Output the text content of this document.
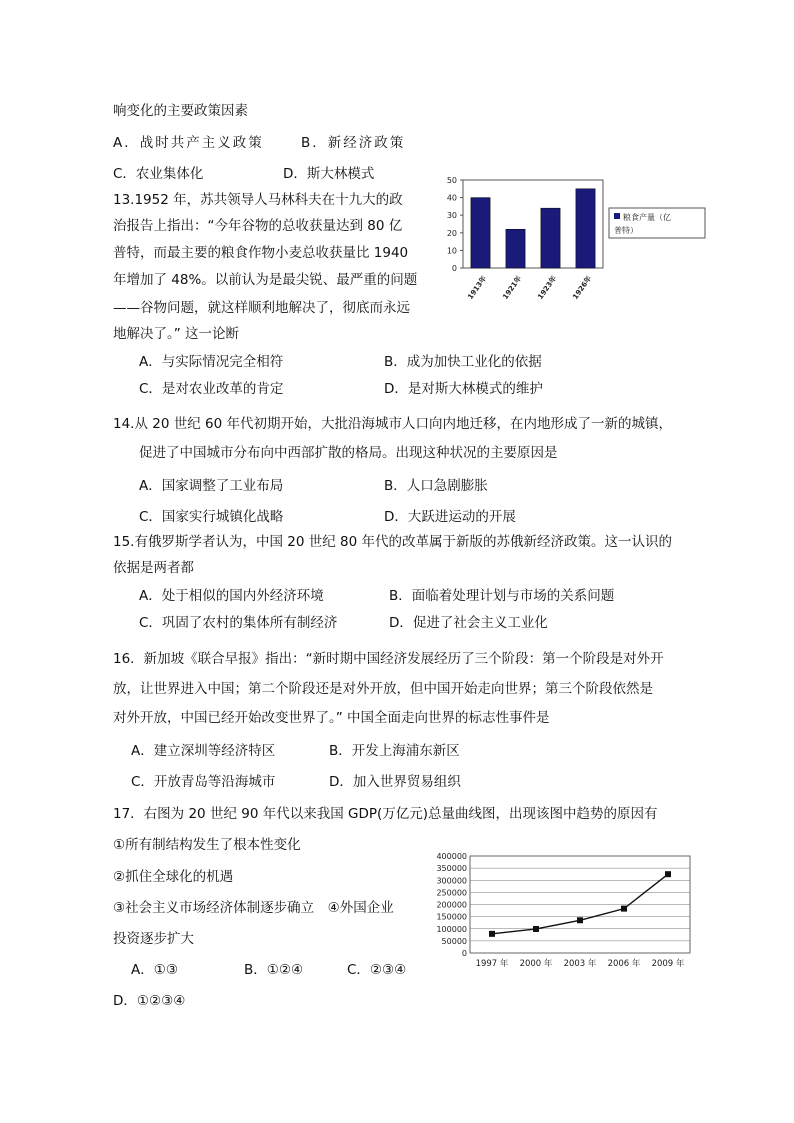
响变化的主要政策因素
A．战时共产主义政策	B．新经济政策
C．农业集体化	D．斯大林模式
13.1952 年，苏共领导人马林科夫在十九大的政
治报告上指出：“今年谷物的总收获量达到 80 亿
普特，而最主要的粮食作物小麦总收获量比 1940
年增加了 48%。以前认为是最尖锐、最严重的问题
——谷物问题，就这样顺利地解决了，彻底而永远
地解决了。” 这一论断
A．与实际情况完全相符	B．成为加快工业化的依据
C．是对农业改革的肯定	D．是对斯大林模式的维护
14.从 20 世纪 60 年代初期开始，大批沿海城市人口向内地迁移，在内地形成了一新的城镇，
促进了中国城市分布向中西部扩散的格局。出现这种状况的主要原因是
A．国家调整了工业布局	B．人口急剧膨胀
C．国家实行城镇化战略	D．大跃进运动的开展
15.有俄罗斯学者认为，中国 20 世纪 80 年代的改革属于新版的苏俄新经济政策。这一认识的
依据是两者都
A．处于相似的国内外经济环境	B．面临着处理计划与市场的关系问题
C．巩固了农村的集体所有制经济	D．促进了社会主义工业化
16．新加坡《联合早报》指出：“新时期中国经济发展经历了三个阶段：第一个阶段是对外开
放，让世界进入中国；第二个阶段还是对外开放，但中国开始走向世界；第三个阶段依然是
对外开放，中国已经开始改变世界了。” 中国全面走向世界的标志性事件是
A．建立深圳等经济特区	B．开发上海浦东新区
C．开放青岛等沿海城市	D．加入世界贸易组织
17．右图为 20 世纪 90 年代以来我国 GDP(万亿元)总量曲线图，出现该图中趋势的原因有
①所有制结构发生了根本性变化
②抓住全球化的机遇
③社会主义市场经济体制逐步确立　④外国企业
投资逐步扩大
A．①③	B．①②④	C．②③④
D．①②③④
0
10
20
30
40
50
1913年 1921年 1923年 1926年
粮食产量（亿
普特）
0
50000
100000
150000
200000
250000
300000
350000
400000
1997 年 2000 年 2003 年 2006 年 2009 年
